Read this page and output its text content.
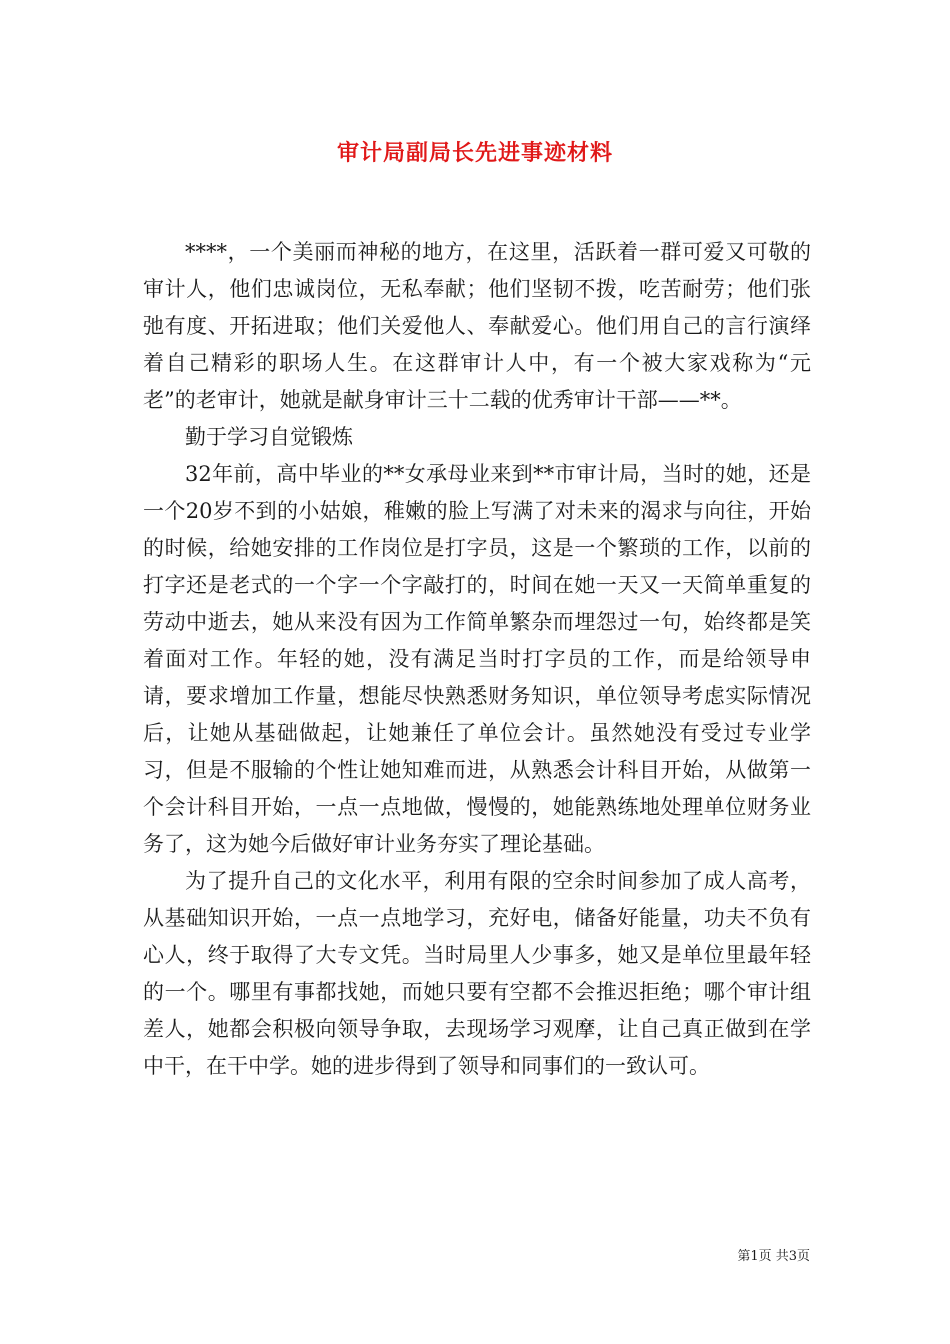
审计局副局长先进事迹材料

****，一个美丽而神秘的地方，在这里，活跃着一群可爱又可敬的审计人，他们忠诚岗位，无私奉献；他们坚韧不拨，吃苦耐劳；他们张弛有度、开拓进取；他们关爱他人、奉献爱心。他们用自己的言行演绎着自己精彩的职场人生。在这群审计人中，有一个被大家戏称为“元老”的老审计，她就是献身审计三十二载的优秀审计干部——**。

勤于学习自觉锻炼

32年前，高中毕业的**女承母业来到**市审计局，当时的她，还是一个20岁不到的小姑娘，稚嫩的脸上写满了对未来的渴求与向往，开始的时候，给她安排的工作岗位是打字员，这是一个繁琐的工作，以前的打字还是老式的一个字一个字敲打的，时间在她一天又一天简单重复的劳动中逝去，她从来没有因为工作简单繁杂而埋怨过一句，始终都是笑着面对工作。年轻的她，没有满足当时打字员的工作，而是给领导申请，要求增加工作量，想能尽快熟悉财务知识，单位领导考虑实际情况后，让她从基础做起，让她兼任了单位会计。虽然她没有受过专业学习，但是不服输的个性让她知难而进，从熟悉会计科目开始，从做第一个会计科目开始，一点一点地做，慢慢的，她能熟练地处理单位财务业务了，这为她今后做好审计业务夯实了理论基础。

为了提升自己的文化水平，利用有限的空余时间参加了成人高考，从基础知识开始，一点一点地学习，充好电，储备好能量，功夫不负有心人，终于取得了大专文凭。当时局里人少事多，她又是单位里最年轻的一个。哪里有事都找她，而她只要有空都不会推迟拒绝；哪个审计组差人，她都会积极向领导争取，去现场学习观摩，让自己真正做到在学中干，在干中学。她的进步得到了领导和同事们的一致认可。

第1页 共3页
